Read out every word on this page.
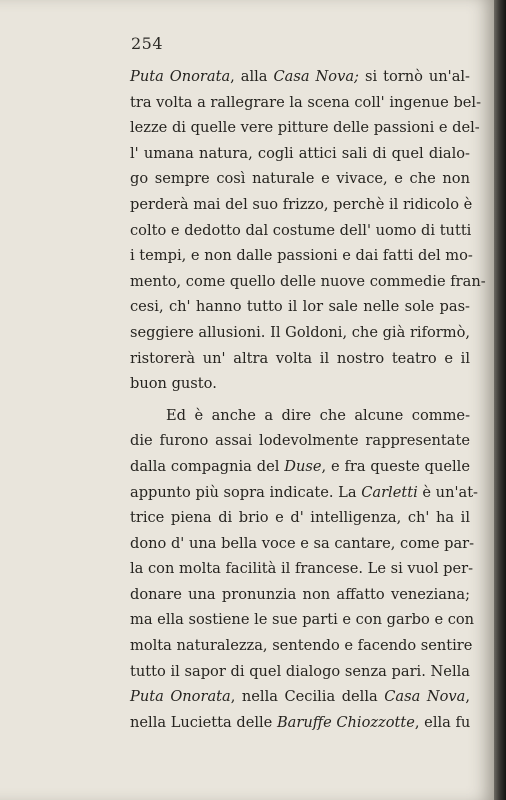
254
Puta Onorata, alla Casa Nova; si tornò un'al-
tra volta a rallegrare la scena coll' ingenue bel-
lezze di quelle vere pitture delle passioni e del-
l' umana natura, cogli attici sali di quel dialo-
go sempre così naturale e vivace, e che non
perderà mai del suo frizzo, perchè il ridicolo è
colto e dedotto dal costume dell' uomo di tutti
i tempi, e non dalle passioni e dai fatti del mo-
mento, come quello delle nuove commedie fran-
cesi, ch' hanno tutto il lor sale nelle sole pas-
seggiere allusioni. Il Goldoni, che già riformò,
ristorerà un' altra volta il nostro teatro e il
buon gusto.
Ed è anche a dire che alcune comme-
die furono assai lodevolmente rappresentate
dalla compagnia del Duse, e fra queste quelle
appunto più sopra indicate. La Carletti è un'at-
trice piena di brio e d' intelligenza, ch' ha il
dono d' una bella voce e sa cantare, come par-
la con molta facilità il francese. Le si vuol per-
donare una pronunzia non affatto veneziana;
ma ella sostiene le sue parti e con garbo e con
molta naturalezza, sentendo e facendo sentire
tutto il sapor di quel dialogo senza pari. Nella
Puta Onorata, nella Cecilia della Casa Nova,
nella Lucietta delle Baruffe Chiozzotte, ella fu
